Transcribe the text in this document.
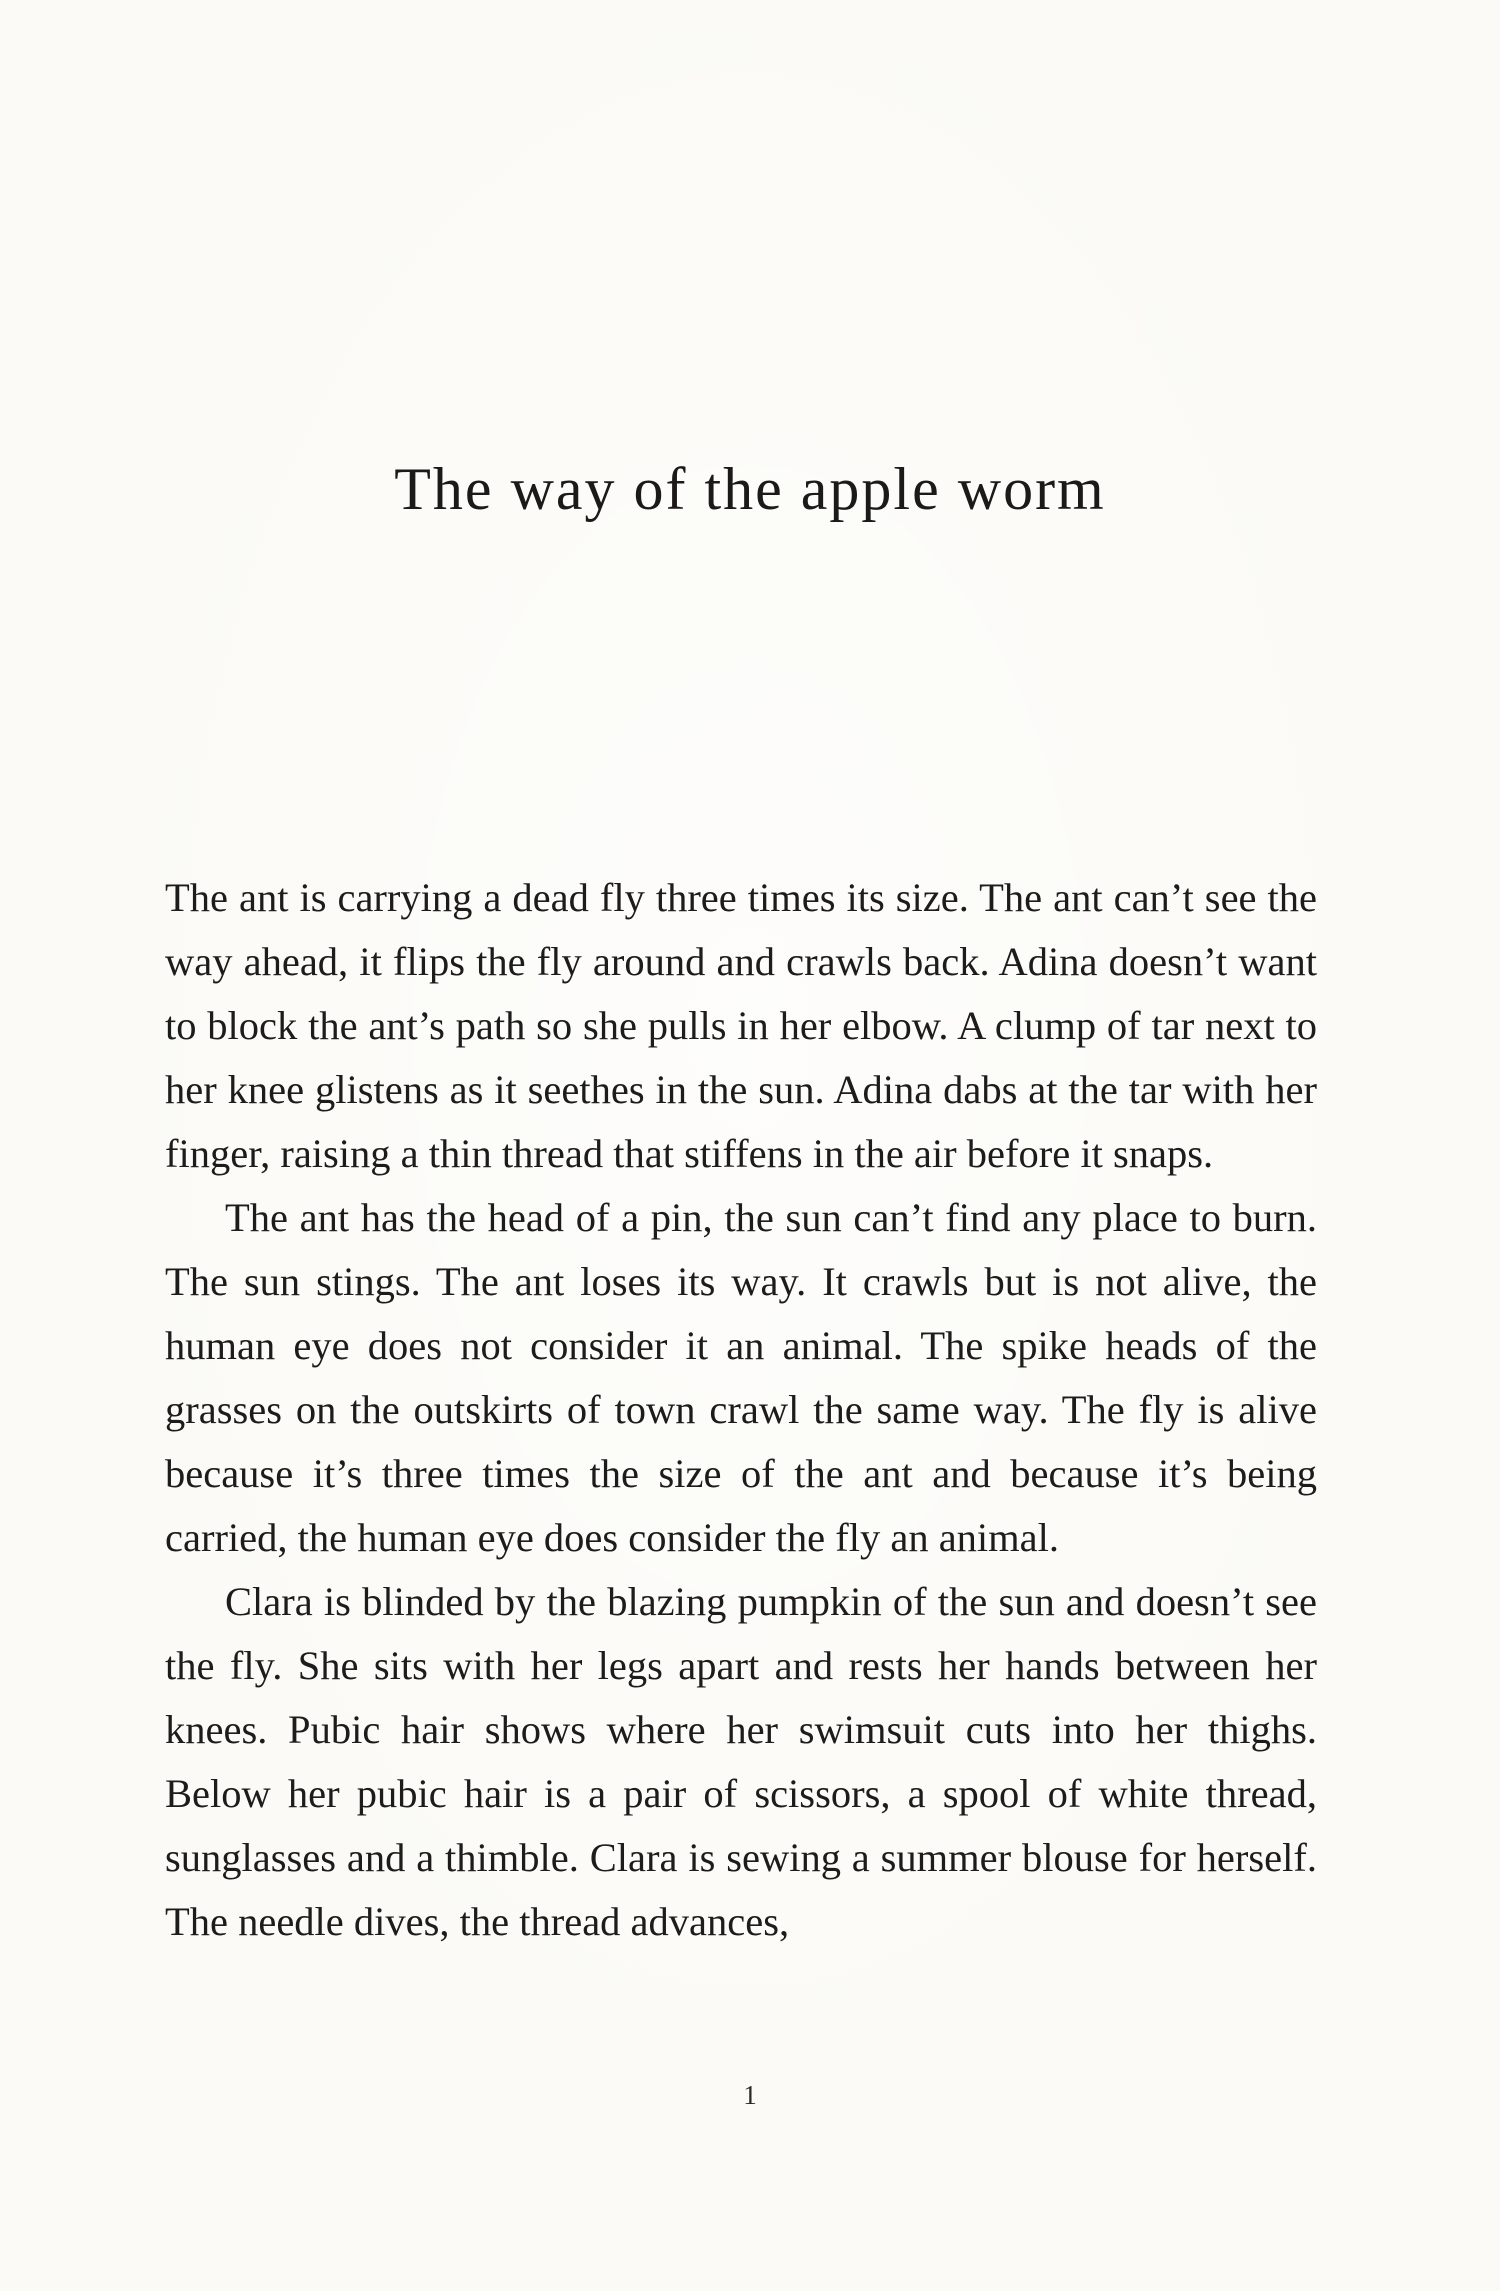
The way of the apple worm

The ant is carrying a dead fly three times its size. The ant can’t see the way ahead, it flips the fly around and crawls back. Adina doesn’t want to block the ant’s path so she pulls in her elbow. A clump of tar next to her knee glistens as it seethes in the sun. Adina dabs at the tar with her finger, raising a thin thread that stiffens in the air before it snaps.

The ant has the head of a pin, the sun can’t find any place to burn. The sun stings. The ant loses its way. It crawls but is not alive, the human eye does not consider it an animal. The spike heads of the grasses on the outskirts of town crawl the same way. The fly is alive because it’s three times the size of the ant and because it’s being carried, the human eye does consider the fly an animal.

Clara is blinded by the blazing pumpkin of the sun and doesn’t see the fly. She sits with her legs apart and rests her hands between her knees. Pubic hair shows where her swimsuit cuts into her thighs. Below her pubic hair is a pair of scissors, a spool of white thread, sunglasses and a thimble. Clara is sewing a summer blouse for herself. The needle dives, the thread advances,

1
